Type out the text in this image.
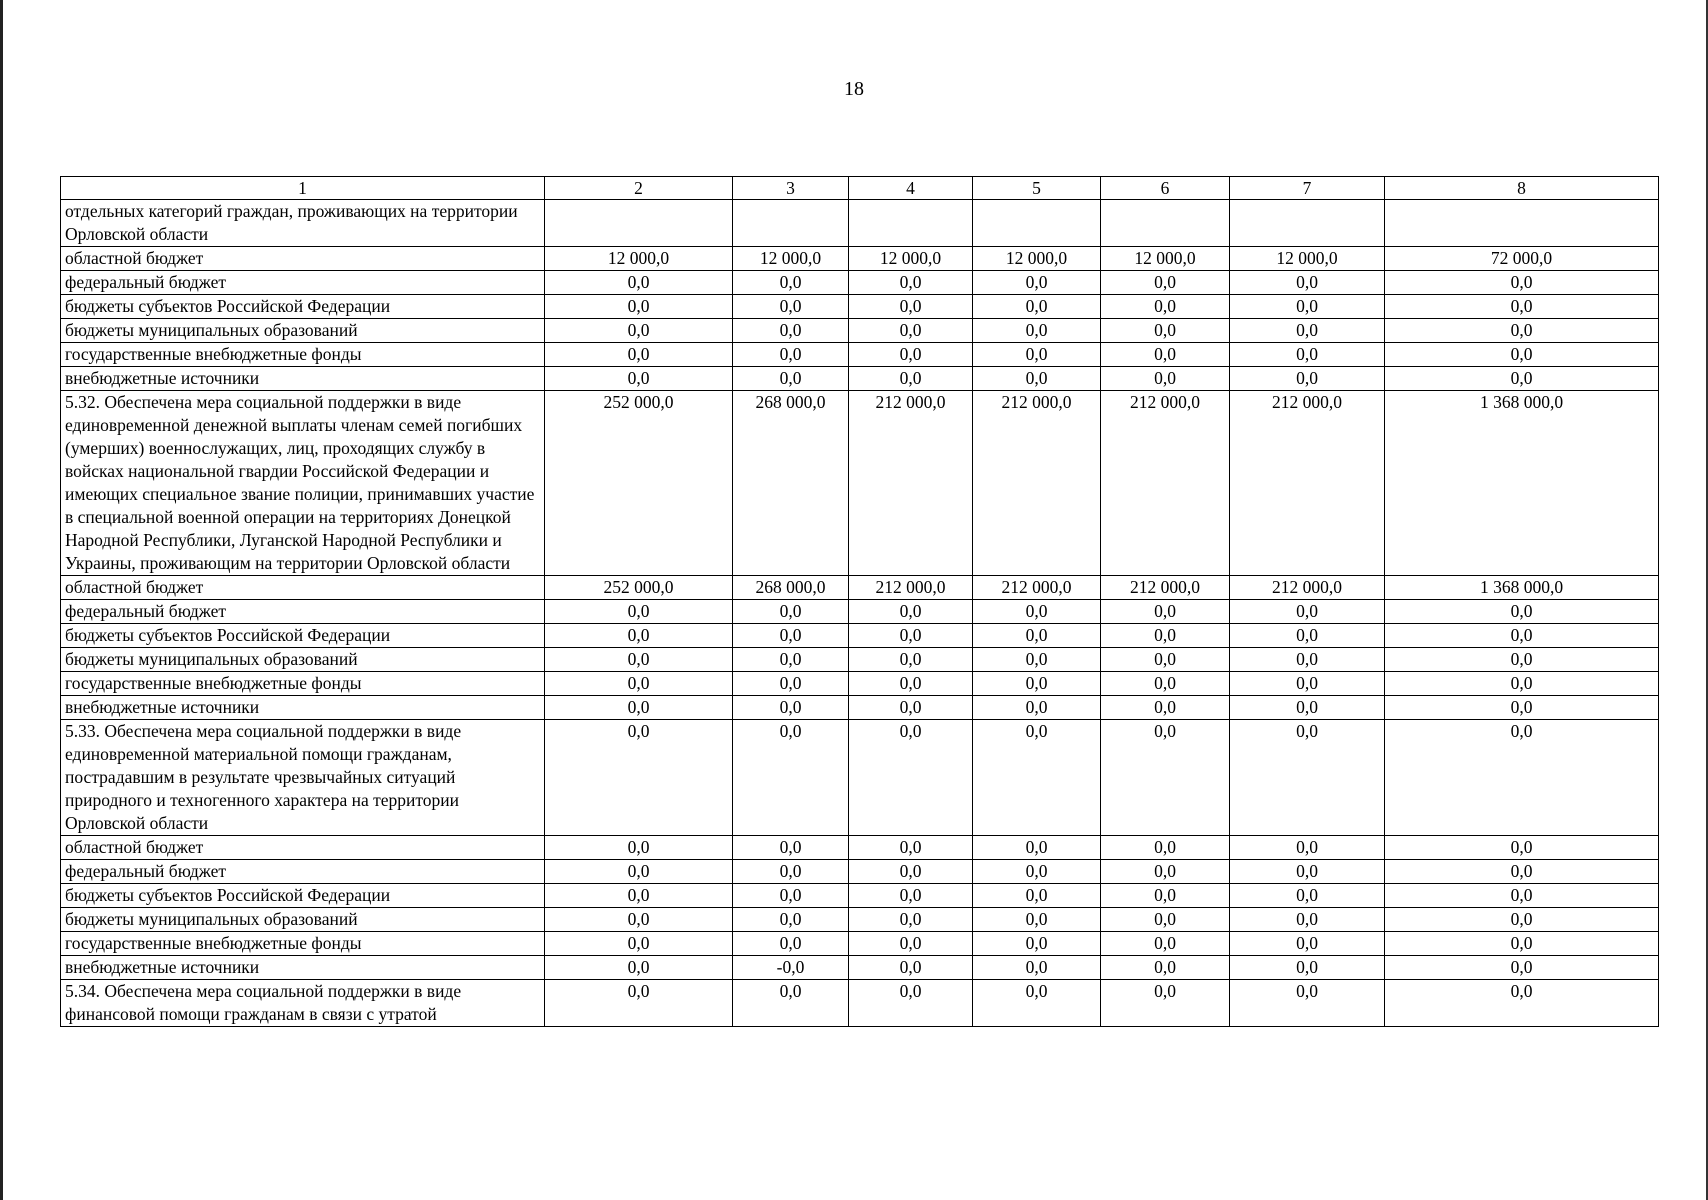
18
1	2	3	4	5	6	7	8
отдельных категорий граждан, проживающих на территории Орловской области							
областной бюджет	12 000,0	12 000,0	12 000,0	12 000,0	12 000,0	12 000,0	72 000,0
федеральный бюджет	0,0	0,0	0,0	0,0	0,0	0,0	0,0
бюджеты субъектов Российской Федерации	0,0	0,0	0,0	0,0	0,0	0,0	0,0
бюджеты муниципальных образований	0,0	0,0	0,0	0,0	0,0	0,0	0,0
государственные внебюджетные фонды	0,0	0,0	0,0	0,0	0,0	0,0	0,0
внебюджетные источники	0,0	0,0	0,0	0,0	0,0	0,0	0,0
5.32. Обеспечена мера социальной поддержки в виде единовременной денежной выплаты членам семей погибших (умерших) военнослужащих, лиц, проходящих службу в войсках национальной гвардии Российской Федерации и имеющих специальное звание полиции, принимавших участие в специальной военной операции на территориях Донецкой Народной Республики, Луганской Народной Республики и Украины, проживающим на территории Орловской области	252 000,0	268 000,0	212 000,0	212 000,0	212 000,0	212 000,0	1 368 000,0
областной бюджет	252 000,0	268 000,0	212 000,0	212 000,0	212 000,0	212 000,0	1 368 000,0
федеральный бюджет	0,0	0,0	0,0	0,0	0,0	0,0	0,0
бюджеты субъектов Российской Федерации	0,0	0,0	0,0	0,0	0,0	0,0	0,0
бюджеты муниципальных образований	0,0	0,0	0,0	0,0	0,0	0,0	0,0
государственные внебюджетные фонды	0,0	0,0	0,0	0,0	0,0	0,0	0,0
внебюджетные источники	0,0	0,0	0,0	0,0	0,0	0,0	0,0
5.33. Обеспечена мера социальной поддержки в виде единовременной материальной помощи гражданам, пострадавшим в результате чрезвычайных ситуаций природного и техногенного характера на территории Орловской области	0,0	0,0	0,0	0,0	0,0	0,0	0,0
областной бюджет	0,0	0,0	0,0	0,0	0,0	0,0	0,0
федеральный бюджет	0,0	0,0	0,0	0,0	0,0	0,0	0,0
бюджеты субъектов Российской Федерации	0,0	0,0	0,0	0,0	0,0	0,0	0,0
бюджеты муниципальных образований	0,0	0,0	0,0	0,0	0,0	0,0	0,0
государственные внебюджетные фонды	0,0	0,0	0,0	0,0	0,0	0,0	0,0
внебюджетные источники	0,0	-0,0	0,0	0,0	0,0	0,0	0,0
5.34. Обеспечена мера социальной поддержки в виде финансовой помощи гражданам в связи с утратой	0,0	0,0	0,0	0,0	0,0	0,0	0,0
